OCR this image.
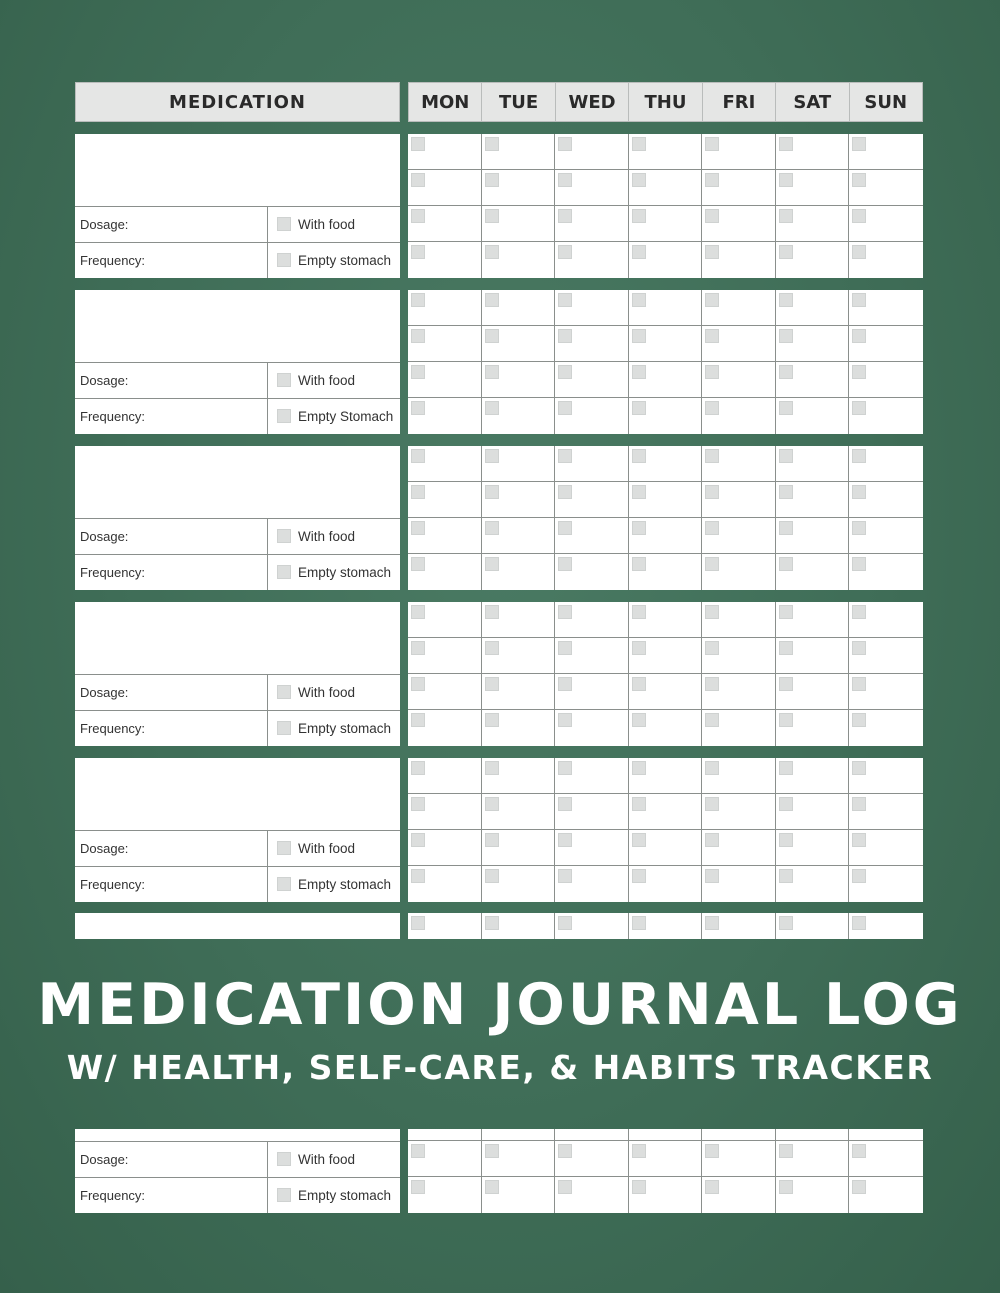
MEDICATION	MON	TUE	WED	THU	FRI	SAT	SUN
Dosage:	With food
Frequency:	Empty stomach
Dosage:	With food
Frequency:	Empty Stomach
Dosage:	With food
Frequency:	Empty stomach
Dosage:	With food
Frequency:	Empty stomach
Dosage:	With food
Frequency:	Empty stomach
MEDICATION JOURNAL LOG
W/ HEALTH, SELF-CARE, & HABITS TRACKER
Dosage:	With food
Frequency:	Empty stomach
